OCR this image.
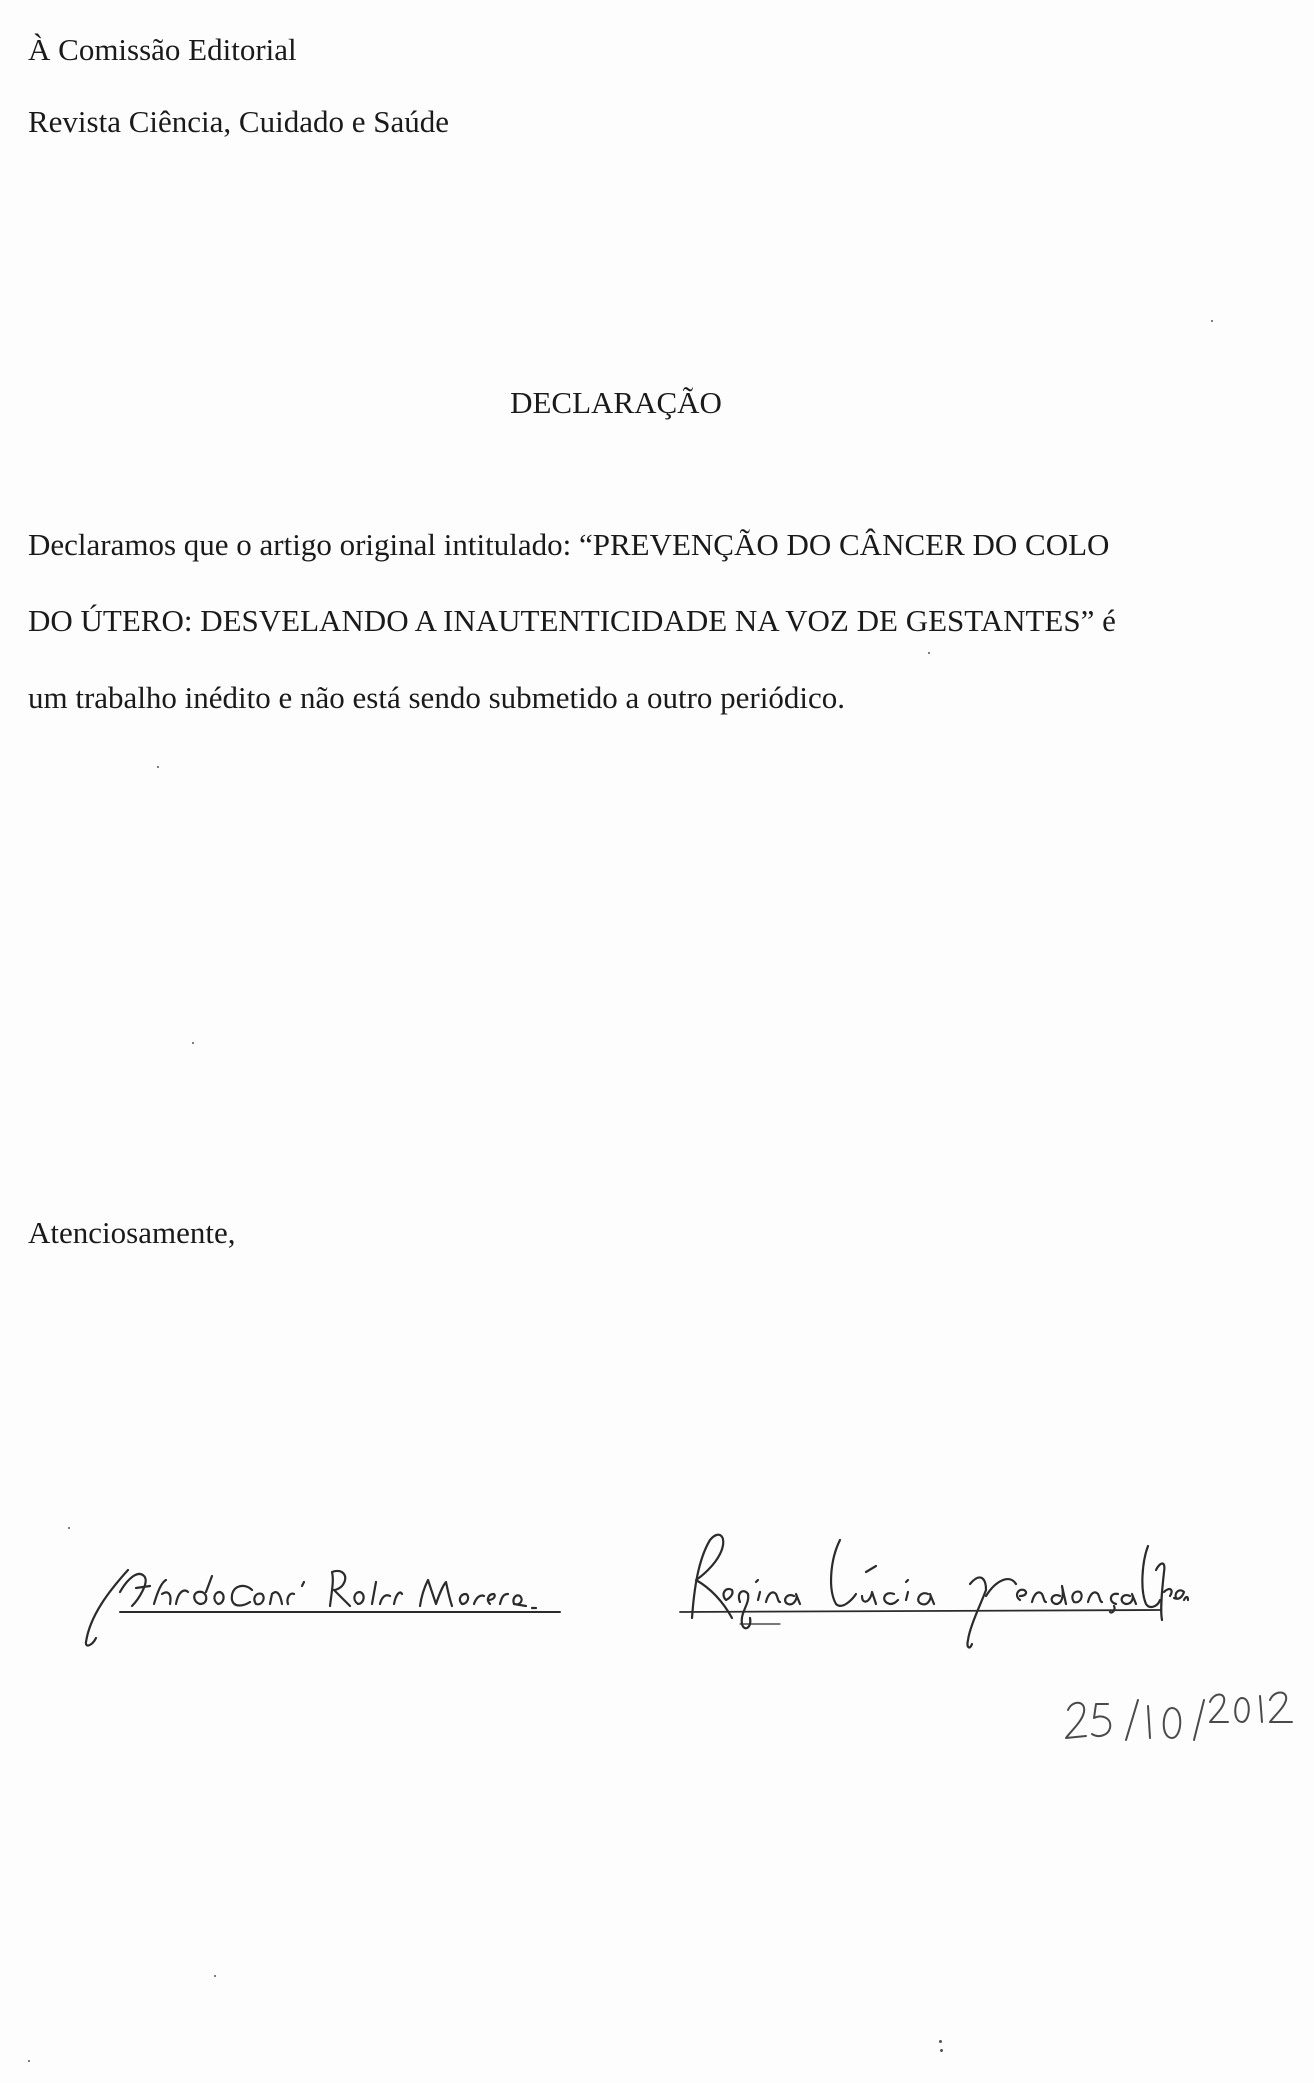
À Comissão Editorial
Revista Ciência, Cuidado e Saúde
DECLARAÇÃO
Declaramos que o artigo original intitulado: “PREVENÇÃO DO CÂNCER DO COLO
DO ÚTERO: DESVELANDO A INAUTENTICIDADE NA VOZ DE GESTANTES” é
um trabalho inédito e não está sendo submetido a outro periódico.
Atenciosamente,
